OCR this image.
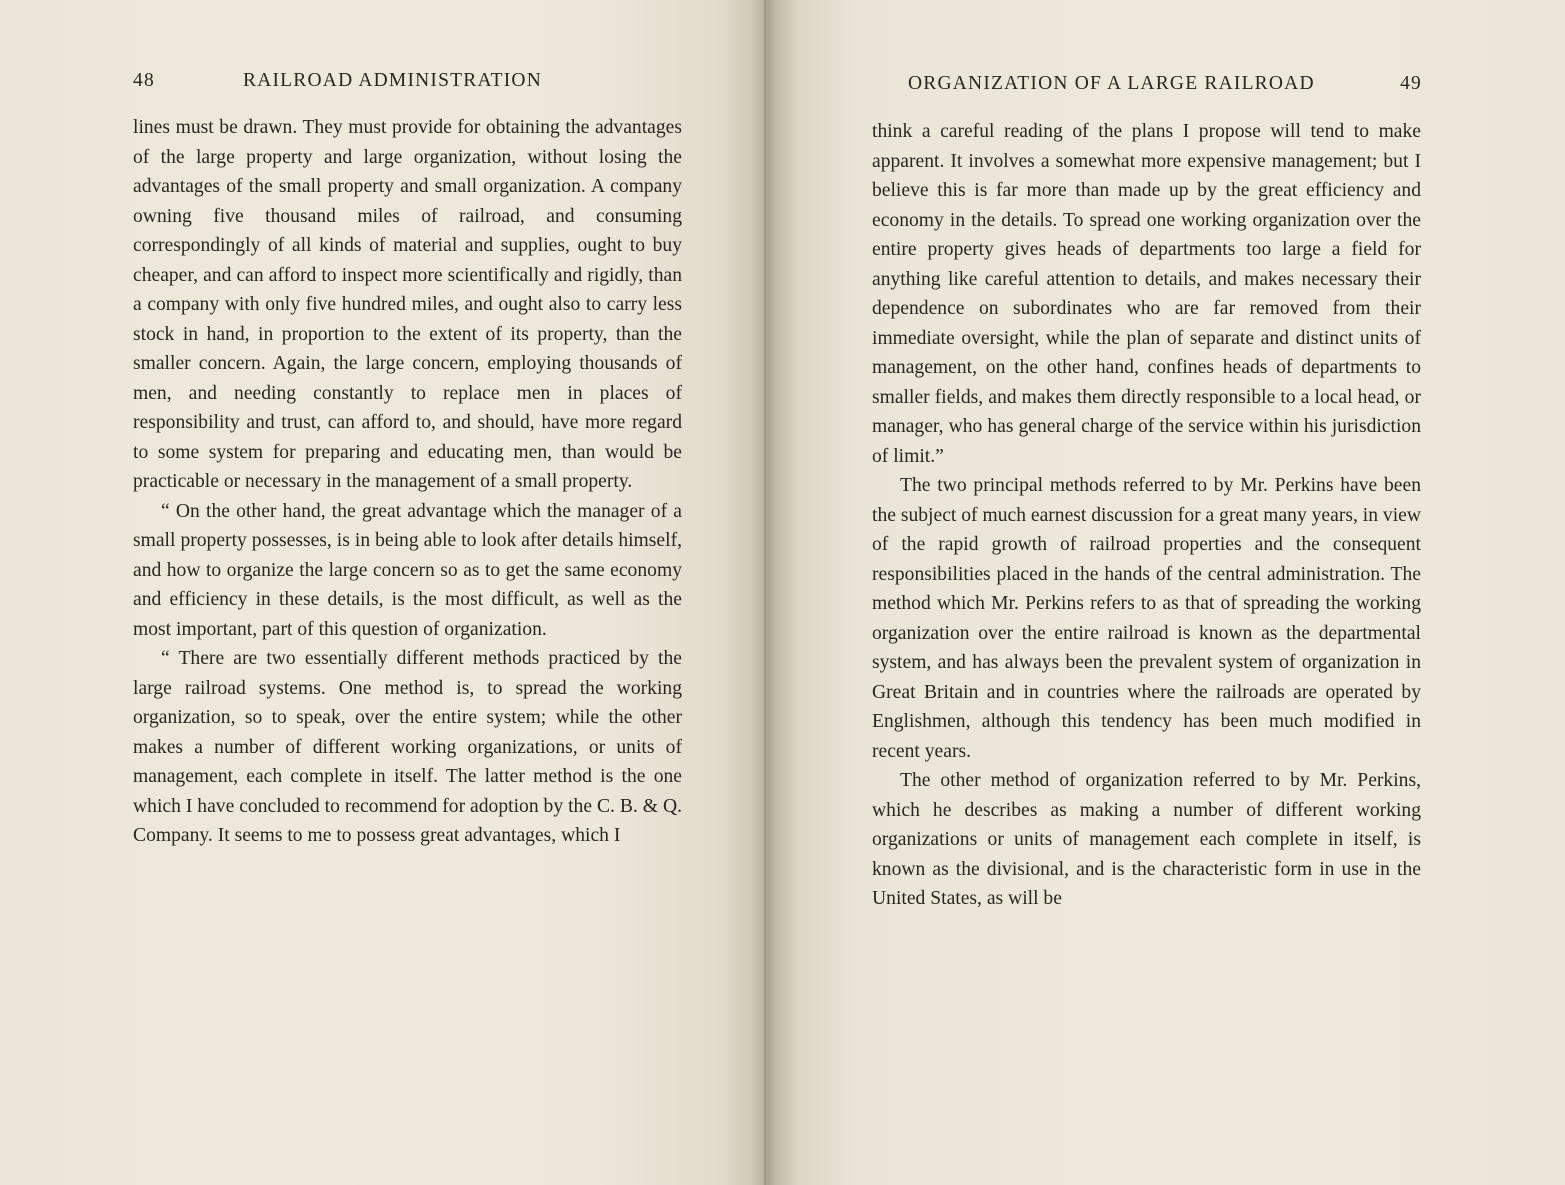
48	RAILROAD ADMINISTRATION

lines must be drawn. They must provide for obtaining the advantages of the large property and large organization, without losing the advantages of the small property and small organization. A company owning five thousand miles of railroad, and consuming correspondingly of all kinds of material and supplies, ought to buy cheaper, and can afford to inspect more scientifically and rigidly, than a company with only five hundred miles, and ought also to carry less stock in hand, in proportion to the extent of its property, than the smaller concern. Again, the large concern, employing thousands of men, and needing constantly to replace men in places of responsibility and trust, can afford to, and should, have more regard to some system for preparing and educating men, than would be practicable or necessary in the management of a small property.

“ On the other hand, the great advantage which the manager of a small property possesses, is in being able to look after details himself, and how to organize the large concern so as to get the same economy and efficiency in these details, is the most difficult, as well as the most important, part of this question of organization.

“ There are two essentially different methods practiced by the large railroad systems. One method is, to spread the working organization, so to speak, over the entire system; while the other makes a number of different working organizations, or units of management, each complete in itself. The latter method is the one which I have concluded to recommend for adoption by the C. B. & Q. Company. It seems to me to possess great advantages, which I

ORGANIZATION OF A LARGE RAILROAD	49

think a careful reading of the plans I propose will tend to make apparent. It involves a somewhat more expensive management; but I believe this is far more than made up by the great efficiency and economy in the details. To spread one working organization over the entire property gives heads of departments too large a field for anything like careful attention to details, and makes necessary their dependence on subordinates who are far removed from their immediate oversight, while the plan of separate and distinct units of management, on the other hand, confines heads of departments to smaller fields, and makes them directly responsible to a local head, or manager, who has general charge of the service within his jurisdiction of limit.”

The two principal methods referred to by Mr. Perkins have been the subject of much earnest discussion for a great many years, in view of the rapid growth of railroad properties and the consequent responsibilities placed in the hands of the central administration. The method which Mr. Perkins refers to as that of spreading the working organization over the entire railroad is known as the departmental system, and has always been the prevalent system of organization in Great Britain and in countries where the railroads are operated by Englishmen, although this tendency has been much modified in recent years.

The other method of organization referred to by Mr. Perkins, which he describes as making a number of different working organizations or units of management each complete in itself, is known as the divisional, and is the characteristic form in use in the United States, as will be
